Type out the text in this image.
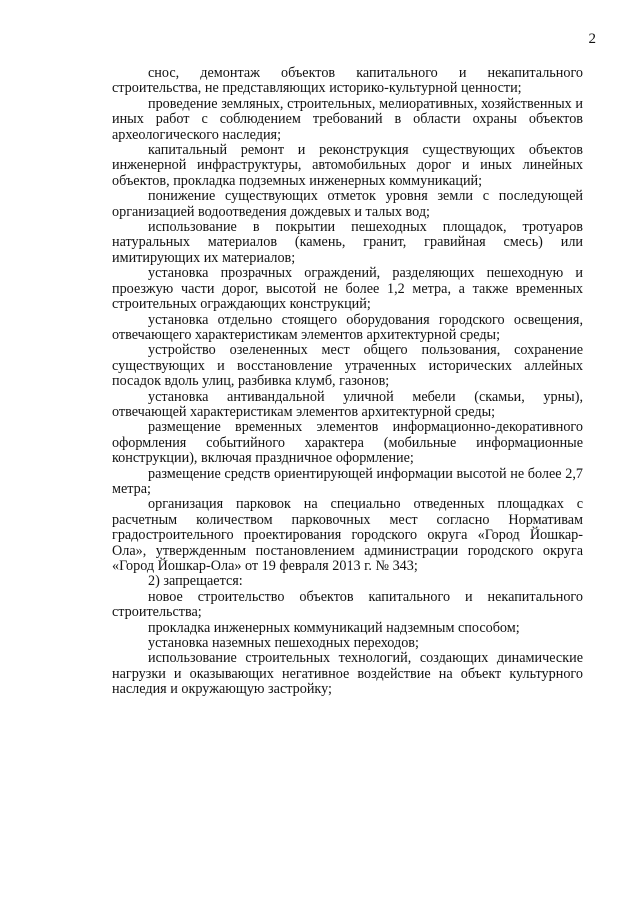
2

снос, демонтаж объектов капитального и некапитального строительства, не представляющих историко-культурной ценности;

проведение земляных, строительных, мелиоративных, хозяйственных и иных работ с соблюдением требований в области охраны объектов археологического наследия;

капитальный ремонт и реконструкция существующих объектов инженерной инфраструктуры, автомобильных дорог и иных линейных объектов, прокладка подземных инженерных коммуникаций;

понижение существующих отметок уровня земли с последующей организацией водоотведения дождевых и талых вод;

использование в покрытии пешеходных площадок, тротуаров натуральных материалов (камень, гранит, гравийная смесь) или имитирующих их материалов;

установка прозрачных ограждений, разделяющих пешеходную и проезжую части дорог, высотой не более 1,2 метра, а также временных строительных ограждающих конструкций;

установка отдельно стоящего оборудования городского освещения, отвечающего характеристикам элементов архитектурной среды;

устройство озелененных мест общего пользования, сохранение существующих и восстановление утраченных исторических аллейных посадок вдоль улиц, разбивка клумб, газонов;

установка антивандальной уличной мебели (скамьи, урны), отвечающей характеристикам элементов архитектурной среды;

размещение временных элементов информационно-декоративного оформления событийного характера (мобильные информационные конструкции), включая праздничное оформление;

размещение средств ориентирующей информации высотой не более 2,7 метра;

организация парковок на специально отведенных площадках с расчетным количеством парковочных мест согласно Нормативам градостроительного проектирования городского округа «Город Йошкар-Ола», утвержденным постановлением администрации городского округа «Город Йошкар-Ола» от 19 февраля 2013 г. № 343;

2) запрещается:

новое строительство объектов капитального и некапитального строительства;

прокладка инженерных коммуникаций надземным способом;

установка наземных пешеходных переходов;

использование строительных технологий, создающих динамические нагрузки и оказывающих негативное воздействие на объект культурного наследия и окружающую застройку;
